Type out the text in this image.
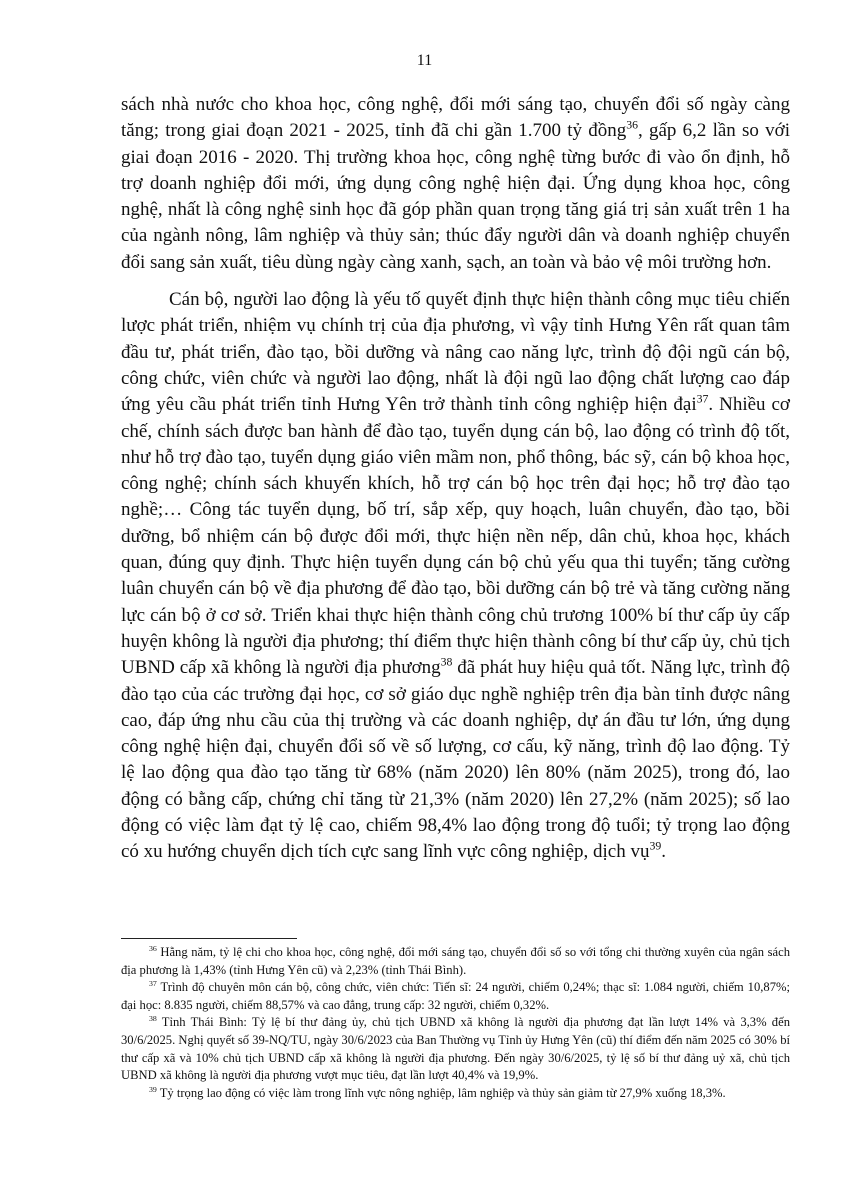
11

sách nhà nước cho khoa học, công nghệ, đổi mới sáng tạo, chuyển đổi số ngày càng tăng; trong giai đoạn 2021 - 2025, tỉnh đã chi gần 1.700 tỷ đồng$^{36}$, gấp 6,2 lần so với giai đoạn 2016 - 2020. Thị trường khoa học, công nghệ từng bước đi vào ổn định, hỗ trợ doanh nghiệp đổi mới, ứng dụng công nghệ hiện đại. Ứng dụng khoa học, công nghệ, nhất là công nghệ sinh học đã góp phần quan trọng tăng giá trị sản xuất trên 1 ha của ngành nông, lâm nghiệp và thủy sản; thúc đẩy người dân và doanh nghiệp chuyển đổi sang sản xuất, tiêu dùng ngày càng xanh, sạch, an toàn và bảo vệ môi trường hơn.

Cán bộ, người lao động là yếu tố quyết định thực hiện thành công mục tiêu chiến lược phát triển, nhiệm vụ chính trị của địa phương, vì vậy tỉnh Hưng Yên rất quan tâm đầu tư, phát triển, đào tạo, bồi dưỡng và nâng cao năng lực, trình độ đội ngũ cán bộ, công chức, viên chức và người lao động, nhất là đội ngũ lao động chất lượng cao đáp ứng yêu cầu phát triển tỉnh Hưng Yên trở thành tỉnh công nghiệp hiện đại$^{37}$. Nhiều cơ chế, chính sách được ban hành để đào tạo, tuyển dụng cán bộ, lao động có trình độ tốt, như hỗ trợ đào tạo, tuyển dụng giáo viên mầm non, phổ thông, bác sỹ, cán bộ khoa học, công nghệ; chính sách khuyến khích, hỗ trợ cán bộ học trên đại học; hỗ trợ đào tạo nghề;… Công tác tuyển dụng, bố trí, sắp xếp, quy hoạch, luân chuyển, đào tạo, bồi dưỡng, bổ nhiệm cán bộ được đổi mới, thực hiện nền nếp, dân chủ, khoa học, khách quan, đúng quy định. Thực hiện tuyển dụng cán bộ chủ yếu qua thi tuyển; tăng cường luân chuyển cán bộ về địa phương để đào tạo, bồi dưỡng cán bộ trẻ và tăng cường năng lực cán bộ ở cơ sở. Triển khai thực hiện thành công chủ trương 100% bí thư cấp ủy cấp huyện không là người địa phương; thí điểm thực hiện thành công bí thư cấp ủy, chủ tịch UBND cấp xã không là người địa phương$^{38}$ đã phát huy hiệu quả tốt. Năng lực, trình độ đào tạo của các trường đại học, cơ sở giáo dục nghề nghiệp trên địa bàn tỉnh được nâng cao, đáp ứng nhu cầu của thị trường và các doanh nghiệp, dự án đầu tư lớn, ứng dụng công nghệ hiện đại, chuyển đổi số về số lượng, cơ cấu, kỹ năng, trình độ lao động. Tỷ lệ lao động qua đào tạo tăng từ 68% (năm 2020) lên 80% (năm 2025), trong đó, lao động có bằng cấp, chứng chỉ tăng từ 21,3% (năm 2020) lên 27,2% (năm 2025); số lao động có việc làm đạt tỷ lệ cao, chiếm 98,4% lao động trong độ tuổi; tỷ trọng lao động có xu hướng chuyển dịch tích cực sang lĩnh vực công nghiệp, dịch vụ$^{39}$.

$^{36}$ Hằng năm, tỷ lệ chi cho khoa học, công nghệ, đổi mới sáng tạo, chuyển đổi số so với tổng chi thường xuyên của ngân sách địa phương là 1,43% (tỉnh Hưng Yên cũ) và 2,23% (tỉnh Thái Bình).

$^{37}$ Trình độ chuyên môn cán bộ, công chức, viên chức: Tiến sĩ: 24 người, chiếm 0,24%; thạc sĩ: 1.084 người, chiếm 10,87%; đại học: 8.835 người, chiếm 88,57% và cao đẳng, trung cấp: 32 người, chiếm 0,32%.

$^{38}$ Tỉnh Thái Bình: Tỷ lệ bí thư đảng ủy, chủ tịch UBND xã không là người địa phương đạt lần lượt 14% và 3,3% đến 30/6/2025. Nghị quyết số 39-NQ/TU, ngày 30/6/2023 của Ban Thường vụ Tỉnh ủy Hưng Yên (cũ) thí điểm đến năm 2025 có 30% bí thư cấp xã và 10% chủ tịch UBND cấp xã không là người địa phương. Đến ngày 30/6/2025, tỷ lệ số bí thư đảng uỷ xã, chủ tịch UBND xã không là người địa phương vượt mục tiêu, đạt lần lượt 40,4% và 19,9%.

$^{39}$ Tỷ trọng lao động có việc làm trong lĩnh vực nông nghiệp, lâm nghiệp và thủy sản giảm từ 27,9% xuống 18,3%.
